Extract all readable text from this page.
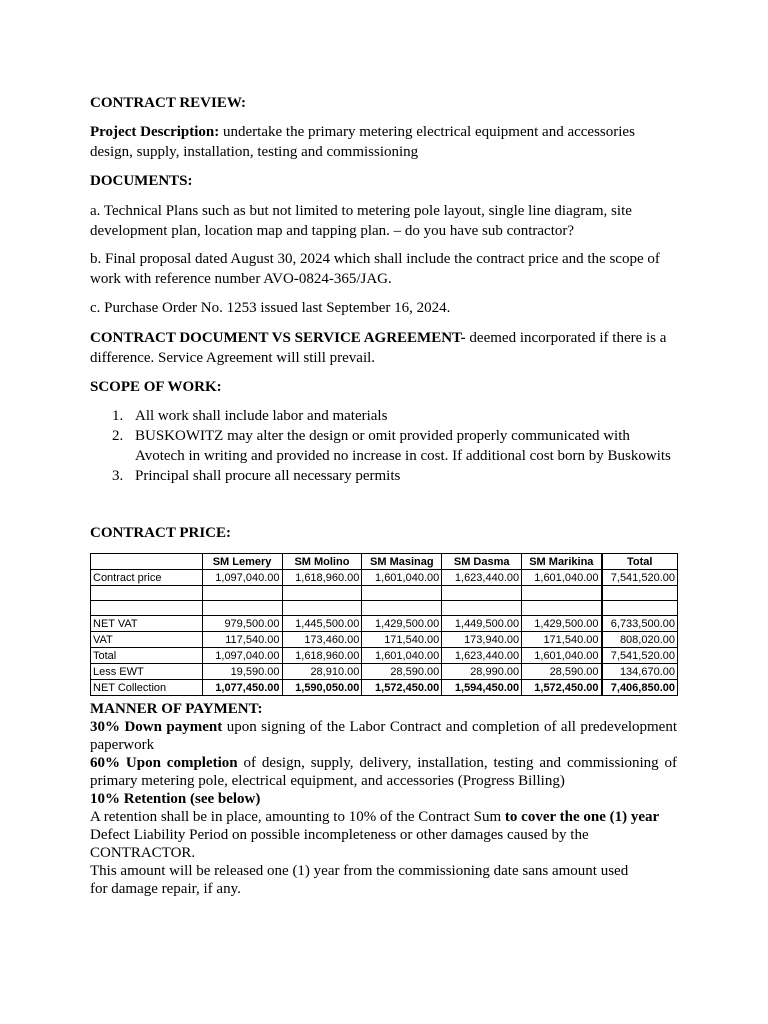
CONTRACT REVIEW:

Project Description: undertake the primary metering electrical equipment and accessories design, supply, installation, testing and commissioning

DOCUMENTS:

a. Technical Plans such as but not limited to metering pole layout, single line diagram, site development plan, location map and tapping plan. – do you have sub contractor?

b. Final proposal dated August 30, 2024 which shall include the contract price and the scope of work with reference number AVO-0824-365/JAG.

c. Purchase Order No. 1253 issued last September 16, 2024.

CONTRACT DOCUMENT VS SERVICE AGREEMENT- deemed incorporated if there is a difference. Service Agreement will still prevail.

SCOPE OF WORK:

1. All work shall include labor and materials
2. BUSKOWITZ may alter the design or omit provided properly communicated with Avotech in writing and provided no increase in cost. If additional cost born by Buskowits
3. Principal shall procure all necessary permits

CONTRACT PRICE:

	SM Lemery	SM Molino	SM Masinag	SM Dasma	SM Marikina	Total
Contract price	1,097,040.00	1,618,960.00	1,601,040.00	1,623,440.00	1,601,040.00	7,541,520.00

NET VAT	979,500.00	1,445,500.00	1,429,500.00	1,449,500.00	1,429,500.00	6,733,500.00
VAT	117,540.00	173,460.00	171,540.00	173,940.00	171,540.00	808,020.00
Total	1,097,040.00	1,618,960.00	1,601,040.00	1,623,440.00	1,601,040.00	7,541,520.00
Less EWT	19,590.00	28,910.00	28,590.00	28,990.00	28,590.00	134,670.00
NET Collection	1,077,450.00	1,590,050.00	1,572,450.00	1,594,450.00	1,572,450.00	7,406,850.00

MANNER OF PAYMENT:

30% Down payment upon signing of the Labor Contract and completion of all predevelopment paperwork

60% Upon completion of design, supply, delivery, installation, testing and commissioning of primary metering pole, electrical equipment, and accessories (Progress Billing)

10% Retention (see below)

A retention shall be in place, amounting to 10% of the Contract Sum to cover the one (1) year

Defect Liability Period on possible incompleteness or other damages caused by the CONTRACTOR.

This amount will be released one (1) year from the commissioning date sans amount used

for damage repair, if any.
